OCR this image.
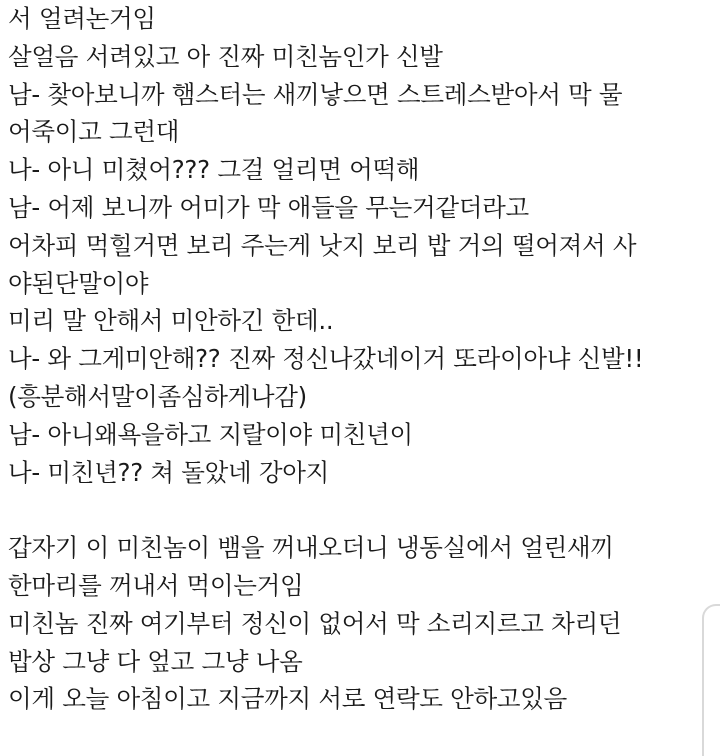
서 얼려논거임
살얼음 서려있고 아 진짜 미친놈인가 신발
남- 찾아보니까 햄스터는 새끼낳으면 스트레스받아서 막 물
어죽이고 그런대
나- 아니 미쳤어??? 그걸 얼리면 어떡해
남- 어제 보니까 어미가 막 애들을 무는거같더라고
어차피 먹힐거면 보리 주는게 낫지 보리 밥 거의 떨어져서 사
야된단말이야
미리 말 안해서 미안하긴 한데..
나- 와 그게미안해?? 진짜 정신나갔네이거 또라이아냐 신발!!
(흥분해서말이좀심하게나감)
남- 아니왜욕을하고 지랄이야 미친년이
나- 미친년?? 쳐 돌았네 강아지
갑자기 이 미친놈이 뱀을 꺼내오더니 냉동실에서 얼린새끼
한마리를 꺼내서 먹이는거임
미친놈 진짜 여기부터 정신이 없어서 막 소리지르고 차리던
밥상 그냥 다 엎고 그냥 나옴
이게 오늘 아침이고 지금까지 서로 연락도 안하고있음
